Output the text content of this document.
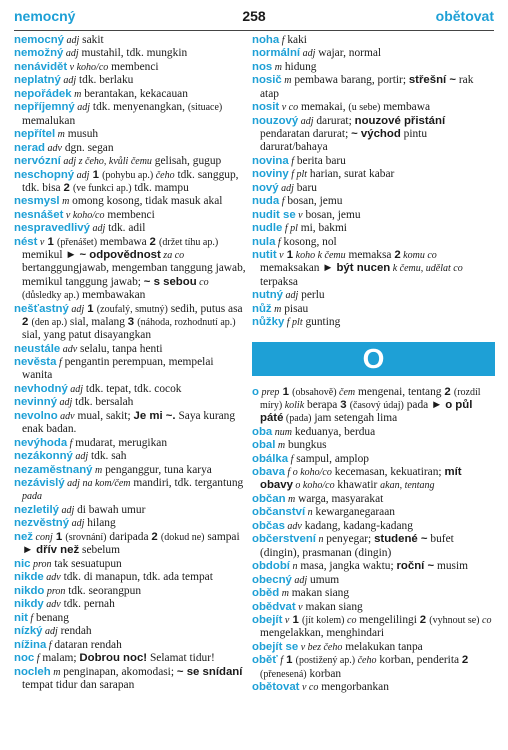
258
nemocný	obětovat
nemocný adj sakit
nemožný adj mustahil, tdk. mungkin
nenávidět v koho/co membenci
neplatný adj tdk. berlaku
nepořádek m berantakan, kekacauan
nepříjemný adj tdk. menyenangkan, (situace) memalukan
nepřítel m musuh
nerad adv dgn. segan
nervózní adj z čeho, kvůli čemu gelisah, gugup
neschopný adj 1 (pohybu ap.) čeho tdk. sanggup, tdk. bisa 2 (ve funkci ap.) tdk. mampu
nesmysl m omong kosong, tidak masuk akal
nesnášet v koho/co membenci
nespravedlivý adj tdk. adil
nést v 1 (přenášet) membawa 2 (držet tíhu ap.) memikul ► ~ odpovědnost za co bertanggungjawab, mengemban tanggung jawab, memikul tanggung jawab; ~ s sebou co (důsledky ap.) membawakan
nešťastný adj 1 (zoufalý, smutný) sedih, putus asa 2 (den ap.) sial, malang 3 (náhoda, rozhodnutí ap.) sial, yang patut disayangkan
neustále adv selalu, tanpa henti
nevěsta f pengantin perempuan, mempelai wanita
nevhodný adj tdk. tepat, tdk. cocok
nevinný adj tdk. bersalah
nevolno adv mual, sakit; Je mi ~. Saya kurang enak badan.
nevýhoda f mudarat, merugikan
nezákonný adj tdk. sah
nezaměstnaný m penganggur, tuna karya
nezávislý adj na kom/čem mandiri, tdk. tergantung pada
nezletilý adj di bawah umur
nezvěstný adj hilang
než conj 1 (srovnání) daripada 2 (dokud ne) sampai ► dřív než sebelum
nic pron tak sesuatupun
nikde adv tdk. di manapun, tdk. ada tempat
nikdo pron tdk. seorangpun
nikdy adv tdk. pernah
nit f benang
nízký adj rendah
nížina f dataran rendah
noc f malam; Dobrou noc! Selamat tidur!
nocleh m penginapan, akomodasi; ~ se snídaní tempat tidur dan sarapan
noha f kaki
normální adj wajar, normal
nos m hidung
nosič m pembawa barang, portir; střešní ~ rak atap
nosit v co memakai, (u sebe) membawa
nouzový adj darurat; nouzové přistání pendaratan darurat; ~ východ pintu darurat/bahaya
novina f berita baru
noviny f plt harian, surat kabar
nový adj baru
nuda f bosan, jemu
nudit se v bosan, jemu
nudle f pl mi, bakmi
nula f kosong, nol
nutit v 1 koho k čemu memaksa 2 komu co memaksakan ► být nucen k čemu, udělat co terpaksa
nutný adj perlu
nůž m pisau
nůžky f plt gunting
O
o prep 1 (obsahově) čem mengenai, tentang 2 (rozdíl míry) kolik berapa 3 (časový údaj) pada ► o půl páté (pada) jam setengah lima
oba num keduanya, berdua
obal m bungkus
obálka f sampul, amplop
obava f o koho/co kecemasan, kekuatiran; mít obavy o koho/co khawatir akan, tentang
občan m warga, masyarakat
občanství n kewarganegaraan
občas adv kadang, kadang-kadang
občerstvení n penyegar; studené ~ bufet (dingin), prasmanan (dingin)
období n masa, jangka waktu; roční ~ musim
obecný adj umum
oběd m makan siang
obědvat v makan siang
obejít v 1 (jít kolem) co mengelilingi 2 (vyhnout se) co mengelakkan, menghindari
obejít se v bez čeho melakukan tanpa
oběť f 1 (postižený ap.) čeho korban, penderita 2 (přenesená) korban
obětovat v co mengorbankan
